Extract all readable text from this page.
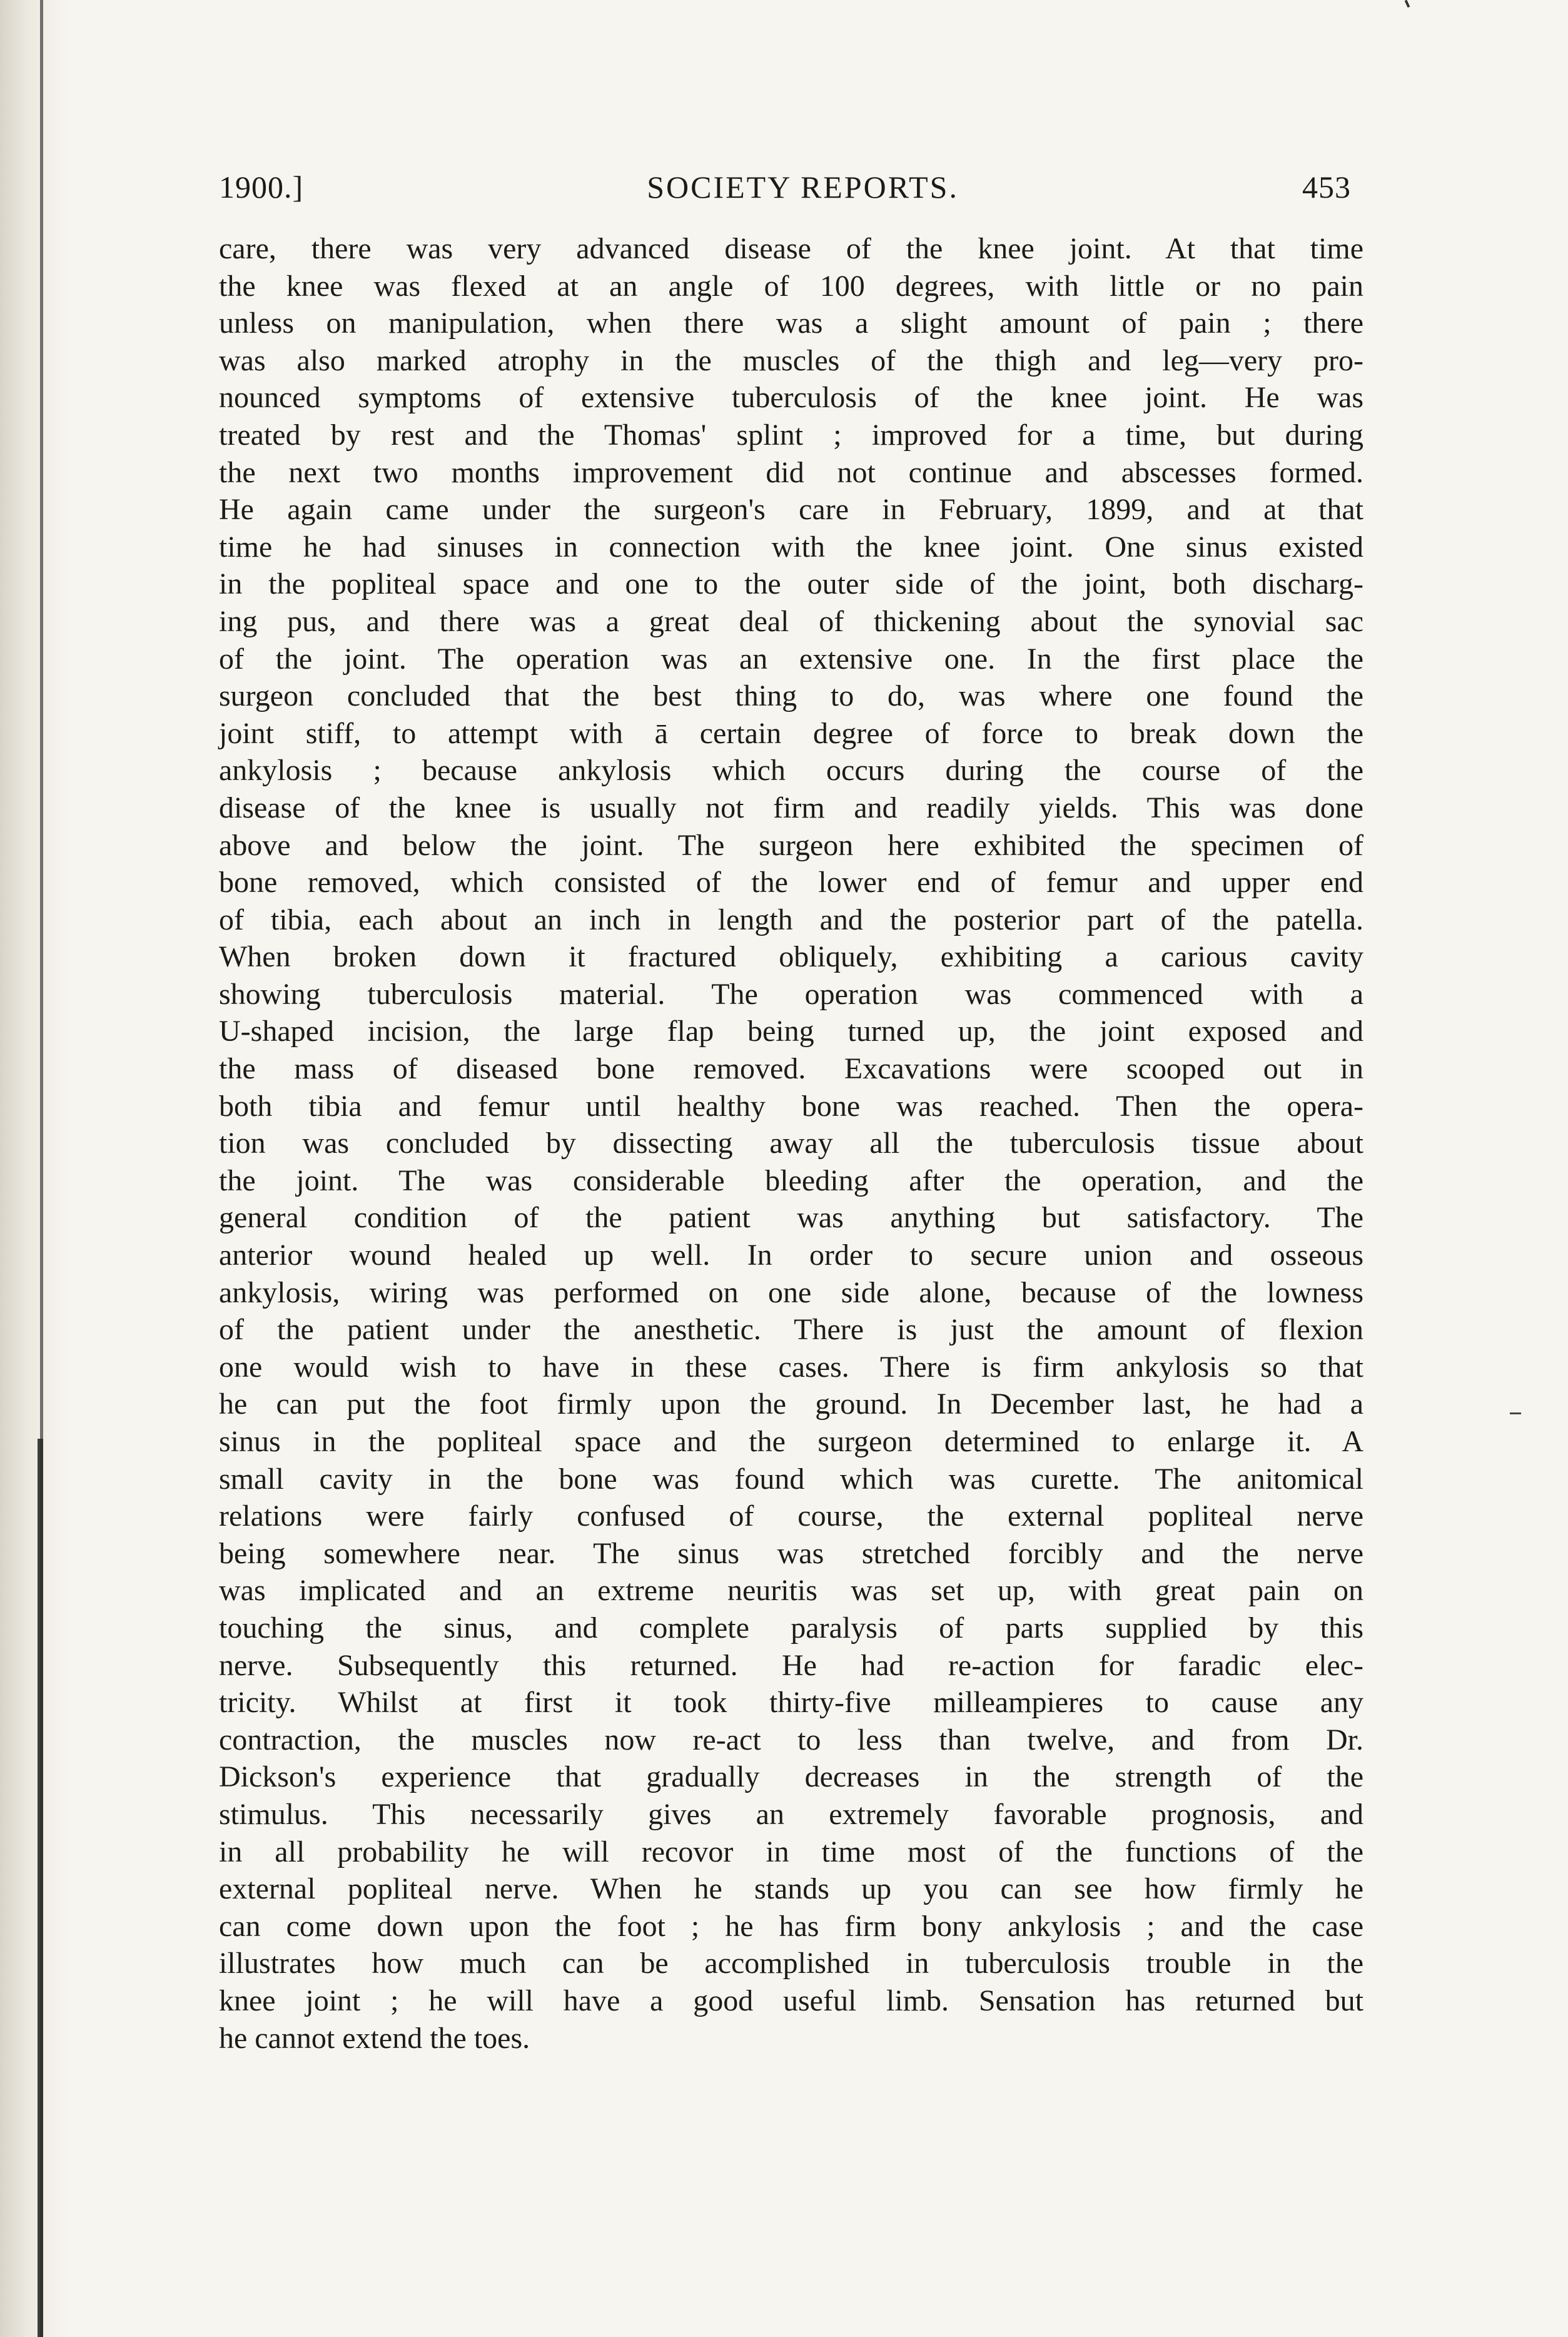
1900.]	SOCIETY REPORTS.	453
care, there was very advanced disease of the knee joint. At that time
the knee was flexed at an angle of 100 degrees, with little or no pain
unless on manipulation, when there was a slight amount of pain ; there
was also marked atrophy in the muscles of the thigh and leg—very pro-
nounced symptoms of extensive tuberculosis of the knee joint. He was
treated by rest and the Thomas' splint ; improved for a time, but during
the next two months improvement did not continue and abscesses formed.
He again came under the surgeon's care in February, 1899, and at that
time he had sinuses in connection with the knee joint. One sinus existed
in the popliteal space and one to the outer side of the joint, both discharg-
ing pus, and there was a great deal of thickening about the synovial sac
of the joint. The operation was an extensive one. In the first place the
surgeon concluded that the best thing to do, was where one found the
joint stiff, to attempt with ā certain degree of force to break down the
ankylosis ; because ankylosis which occurs during the course of the
disease of the knee is usually not firm and readily yields. This was done
above and below the joint. The surgeon here exhibited the specimen of
bone removed, which consisted of the lower end of femur and upper end
of tibia, each about an inch in length and the posterior part of the patella.
When broken down it fractured obliquely, exhibiting a carious cavity
showing tuberculosis material. The operation was commenced with a
U-shaped incision, the large flap being turned up, the joint exposed and
the mass of diseased bone removed. Excavations were scooped out in
both tibia and femur until healthy bone was reached. Then the opera-
tion was concluded by dissecting away all the tuberculosis tissue about
the joint. The was considerable bleeding after the operation, and the
general condition of the patient was anything but satisfactory. The
anterior wound healed up well. In order to secure union and osseous
ankylosis, wiring was performed on one side alone, because of the lowness
of the patient under the anesthetic. There is just the amount of flexion
one would wish to have in these cases. There is firm ankylosis so that
he can put the foot firmly upon the ground. In December last, he had a
sinus in the popliteal space and the surgeon determined to enlarge it. A
small cavity in the bone was found which was curette. The anitomical
relations were fairly confused of course, the external popliteal nerve
being somewhere near. The sinus was stretched forcibly and the nerve
was implicated and an extreme neuritis was set up, with great pain on
touching the sinus, and complete paralysis of parts supplied by this
nerve. Subsequently this returned. He had re-action for faradic elec-
tricity. Whilst at first it took thirty-five milleampieres to cause any
contraction, the muscles now re-act to less than twelve, and from Dr.
Dickson's experience that gradually decreases in the strength of the
stimulus. This necessarily gives an extremely favorable prognosis, and
in all probability he will recovor in time most of the functions of the
external popliteal nerve. When he stands up you can see how firmly he
can come down upon the foot ; he has firm bony ankylosis ; and the case
illustrates how much can be accomplished in tuberculosis trouble in the
knee joint ; he will have a good useful limb. Sensation has returned but
he cannot extend the toes.
